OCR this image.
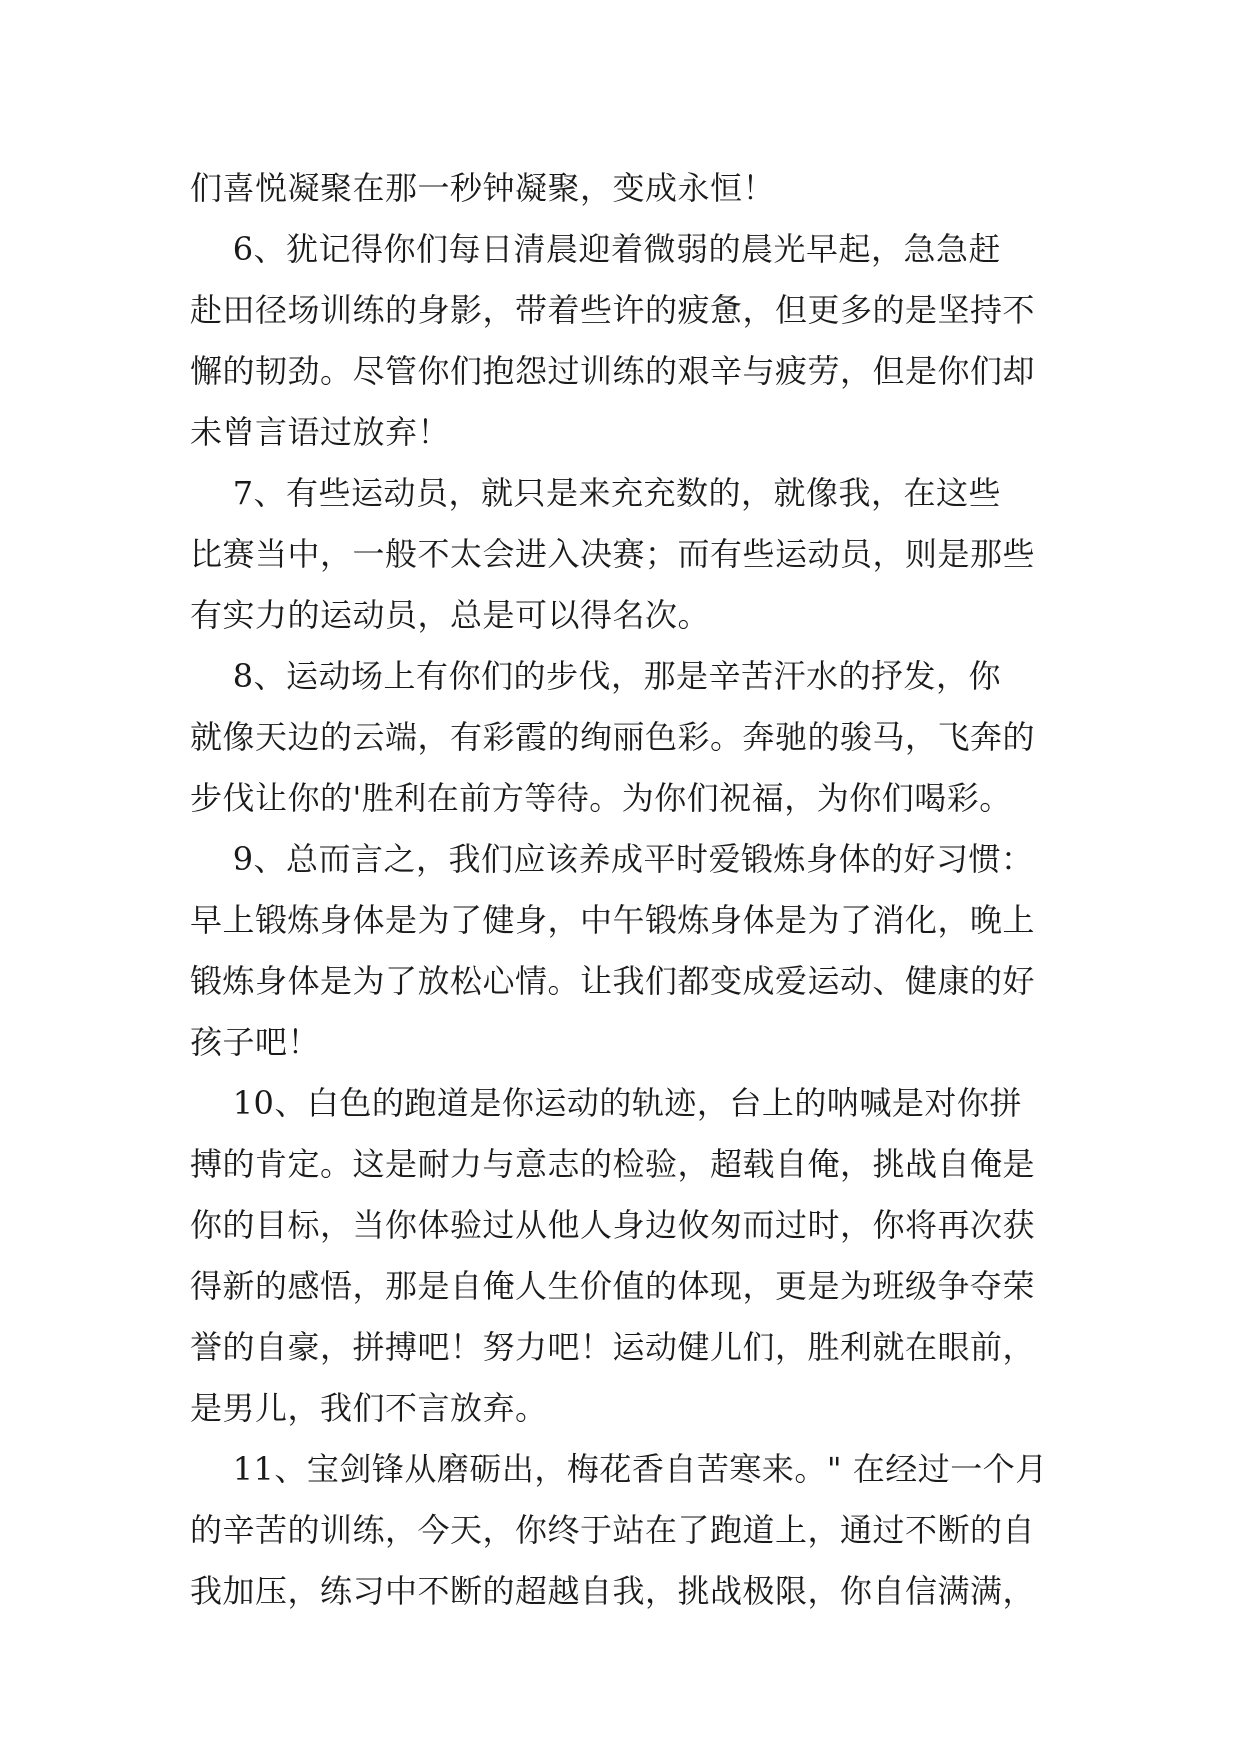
们喜悦凝聚在那一秒钟凝聚，变成永恒！
6、犹记得你们每日清晨迎着微弱的晨光早起，急急赶
赴田径场训练的身影，带着些许的疲惫，但更多的是坚持不
懈的韧劲。尽管你们抱怨过训练的艰辛与疲劳，但是你们却
未曾言语过放弃！
7、有些运动员，就只是来充充数的，就像我，在这些
比赛当中，一般不太会进入决赛；而有些运动员，则是那些
有实力的运动员，总是可以得名次。
8、运动场上有你们的步伐，那是辛苦汗水的抒发，你
就像天边的云端，有彩霞的绚丽色彩。奔驰的骏马，飞奔的
步伐让你的'胜利在前方等待。为你们祝福，为你们喝彩。
9、总而言之，我们应该养成平时爱锻炼身体的好习惯：
早上锻炼身体是为了健身，中午锻炼身体是为了消化，晚上
锻炼身体是为了放松心情。让我们都变成爱运动、健康的好
孩子吧！
10、白色的跑道是你运动的轨迹，台上的呐喊是对你拼
搏的肯定。这是耐力与意志的检验，超载自俺，挑战自俺是
你的目标，当你体验过从他人身边攸匆而过时，你将再次获
得新的感悟，那是自俺人生价值的体现，更是为班级争夺荣
誉的自豪，拼搏吧！努力吧！运动健儿们，胜利就在眼前，
是男儿，我们不言放弃。
11、宝剑锋从磨砺出，梅花香自苦寒来。" 在经过一个月
的辛苦的训练，今天，你终于站在了跑道上，通过不断的自
我加压，练习中不断的超越自我，挑战极限，你自信满满，
